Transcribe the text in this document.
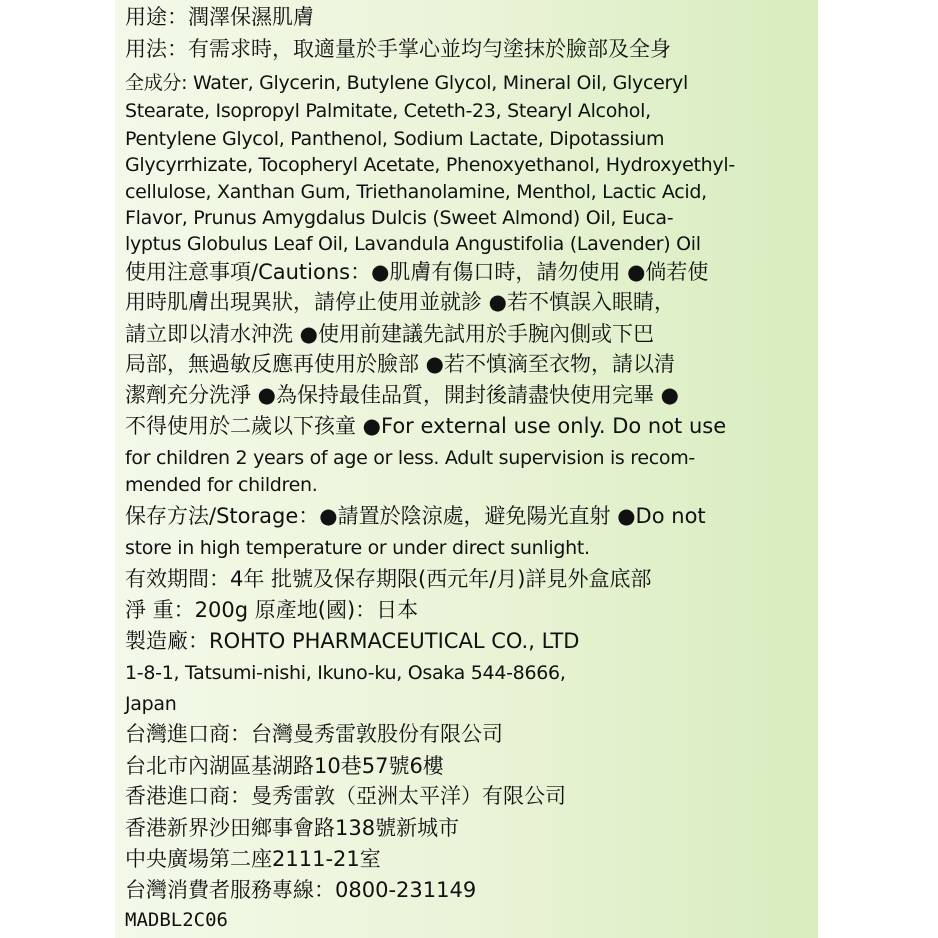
用途：潤澤保濕肌膚

用法：有需求時，取適量於手掌心並均勻塗抹於臉部及全身

全成分: Water, Glycerin, Butylene Glycol, Mineral Oil, Glyceryl

Stearate, Isopropyl Palmitate, Ceteth-23, Stearyl Alcohol,

Pentylene Glycol, Panthenol, Sodium Lactate, Dipotassium

Glycyrrhizate, Tocopheryl Acetate, Phenoxyethanol, Hydroxyethyl-

cellulose, Xanthan Gum, Triethanolamine, Menthol, Lactic Acid,

Flavor, Prunus Amygdalus Dulcis (Sweet Almond) Oil, Euca-

lyptus Globulus Leaf Oil, Lavandula Angustifolia (Lavender) Oil

使用注意事項/Cautions：●肌膚有傷口時，請勿使用 ●倘若使

用時肌膚出現異狀，請停止使用並就診 ●若不慎誤入眼睛，

請立即以清水沖洗 ●使用前建議先試用於手腕內側或下巴

局部，無過敏反應再使用於臉部 ●若不慎滴至衣物，請以清

潔劑充分洗淨 ●為保持最佳品質，開封後請盡快使用完畢 ●

不得使用於二歲以下孩童 ●For external use only. Do not use

for children 2 years of age or less. Adult supervision is recom-

mended for children.

保存方法/Storage：●請置於陰涼處，避免陽光直射 ●Do not

store in high temperature or under direct sunlight.

有效期間：4年 批號及保存期限(西元年/月)詳見外盒底部

淨 重：200g 原產地(國)：日本

製造廠：ROHTO PHARMACEUTICAL CO., LTD

1-8-1, Tatsumi-nishi, Ikuno-ku, Osaka 544-8666,

Japan

台灣進口商：台灣曼秀雷敦股份有限公司

台北市內湖區基湖路10巷57號6樓

香港進口商：曼秀雷敦（亞洲太平洋）有限公司

香港新界沙田鄉事會路138號新城市

中央廣場第二座2111-21室

台灣消費者服務專線：0800-231149

MADBL2C06
